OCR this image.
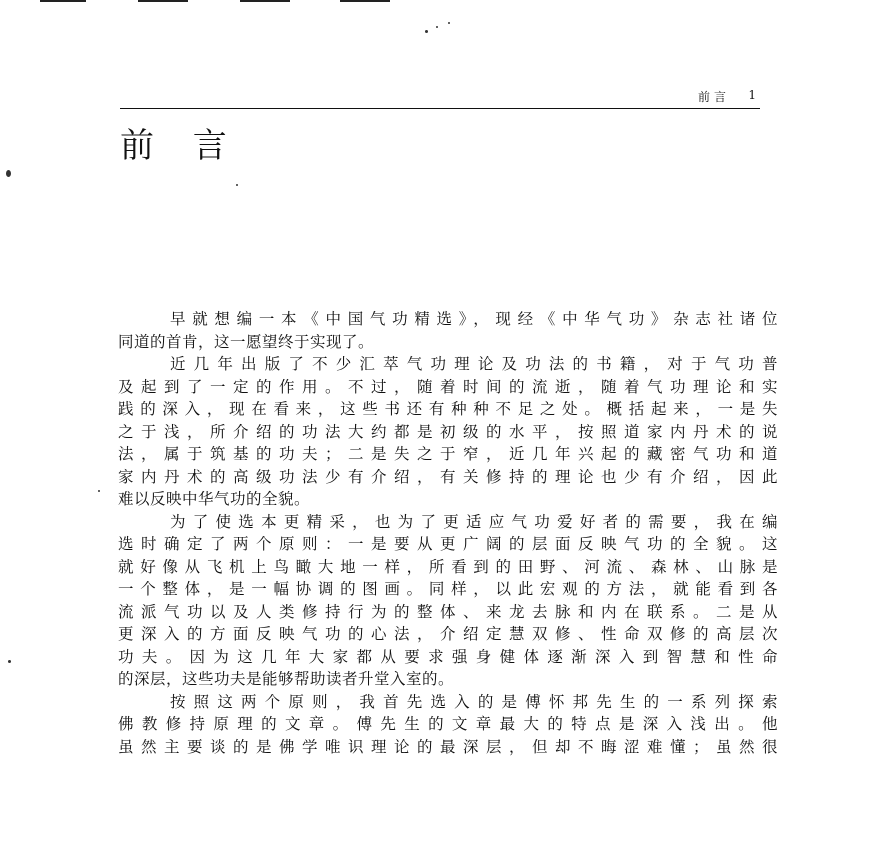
前言 1
前 言

早就想编一本《中国气功精选》，现经《中华气功》杂志社诸位

同道的首肯，这一愿望终于实现了。

近几年出版了不少汇萃气功理论及功法的书籍，对于气功普

及起到了一定的作用。不过，随着时间的流逝，随着气功理论和实

践的深入，现在看来，这些书还有种种不足之处。概括起来，一是失

之于浅，所介绍的功法大约都是初级的水平，按照道家内丹术的说

法，属于筑基的功夫；二是失之于窄，近几年兴起的藏密气功和道

家内丹术的高级功法少有介绍，有关修持的理论也少有介绍，因此

难以反映中华气功的全貌。

为了使选本更精采，也为了更适应气功爱好者的需要，我在编

选时确定了两个原则：一是要从更广阔的层面反映气功的全貌。这

就好像从飞机上鸟瞰大地一样，所看到的田野、河流、森林、山脉是

一个整体，是一幅协调的图画。同样，以此宏观的方法，就能看到各

流派气功以及人类修持行为的整体、来龙去脉和内在联系。二是从

更深入的方面反映气功的心法，介绍定慧双修、性命双修的高层次

功夫。因为这几年大家都从要求强身健体逐渐深入到智慧和性命

的深层，这些功夫是能够帮助读者升堂入室的。

按照这两个原则，我首先选入的是傅怀邦先生的一系列探索

佛教修持原理的文章。傅先生的文章最大的特点是深入浅出。他

虽然主要谈的是佛学唯识理论的最深层，但却不晦涩难懂；虽然很
